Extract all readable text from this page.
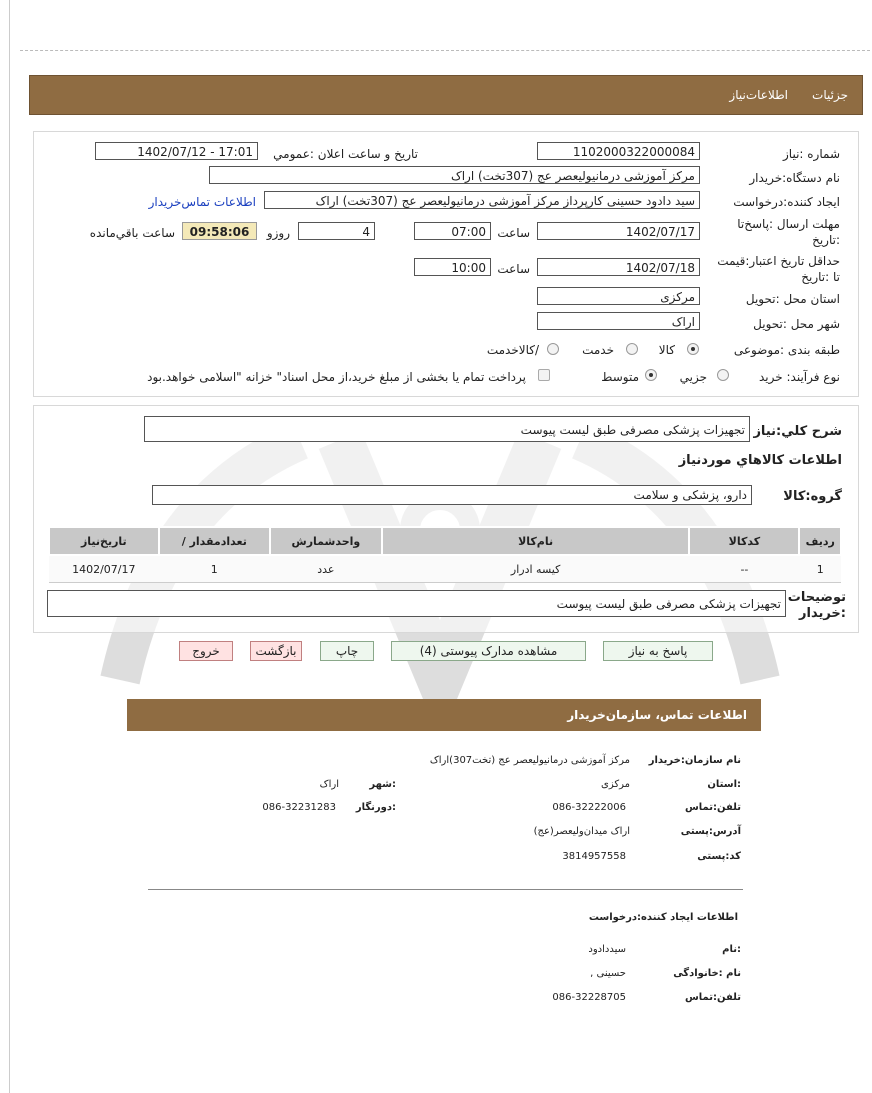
جزئیات
اطلاعات‌نیاز
شماره :نیاز
1102000322000084
تاریخ و ساعت اعلان :عمومي
1402/07/12 - 17:01
نام دستگاه:خریدار
مرکز آموزشی درمانیولیعصر عج (307تخت) اراک
ایجاد کننده:درخواست
سید دادود حسینی کارپرداز مرکز آموزشی درمانیولیعصر عج (307تخت) اراک
اطلاعات تماس‌خریدار
مهلت ارسال :پاسخ‌تا :تاریخ
1402/07/17
ساعت
07:00
4
روزو
09:58:06
ساعت باقي‌مانده
حداقل تاریخ اعتبار:قیمت تا :تاریخ
1402/07/18
ساعت
10:00
استان محل :تحویل
مرکزی
شهر محل :تحویل
اراک
طبقه بندی :موضوعی
کالا
خدمت
/کالاخدمت
نوع فرآیند: خرید
جزیي
متوسط
پرداخت تمام یا بخشی از مبلغ خرید،از محل اسناد" خزانه "اسلامی خواهد.بود
شرح کلي:نیاز
تجهیزات پزشکی مصرفی طبق لیست پیوست
اطلاعات کالاهاي موردنیاز
گروه:کالا
دارو، پزشکی و سلامت
تاریخ‌نیاز	/ تعدادمقدار	واحدشمارش	نام‌کالا	کدکالا	ردیف
1402/07/17	1	عدد	کیسه ادرار	--	1
توضیحات :خریدار
تجهیزات پزشکی مصرفی طبق لیست پیوست
پاسخ به نیاز
مشاهده مدارک پیوستی (4)
چاپ
بازگشت
خروج
اطلاعات تماس، سازمان‌خریدار
نام سازمان:خریدار
مرکز آموزشی درمانیولیعصر عج (تخت307)اراک
:استان
مرکزی
:شهر
اراک
تلفن:تماس
086-32222006
:دورنگار
086-32231283
آدرس:پستی
اراک میدان‌ولیعصر(عج)
کد:پستی
3814957558
اطلاعات ایجاد کننده:درخواست
:نام
سیددادود
نام :خانوادگی
حسینی ,
تلفن:تماس
086-32228705
